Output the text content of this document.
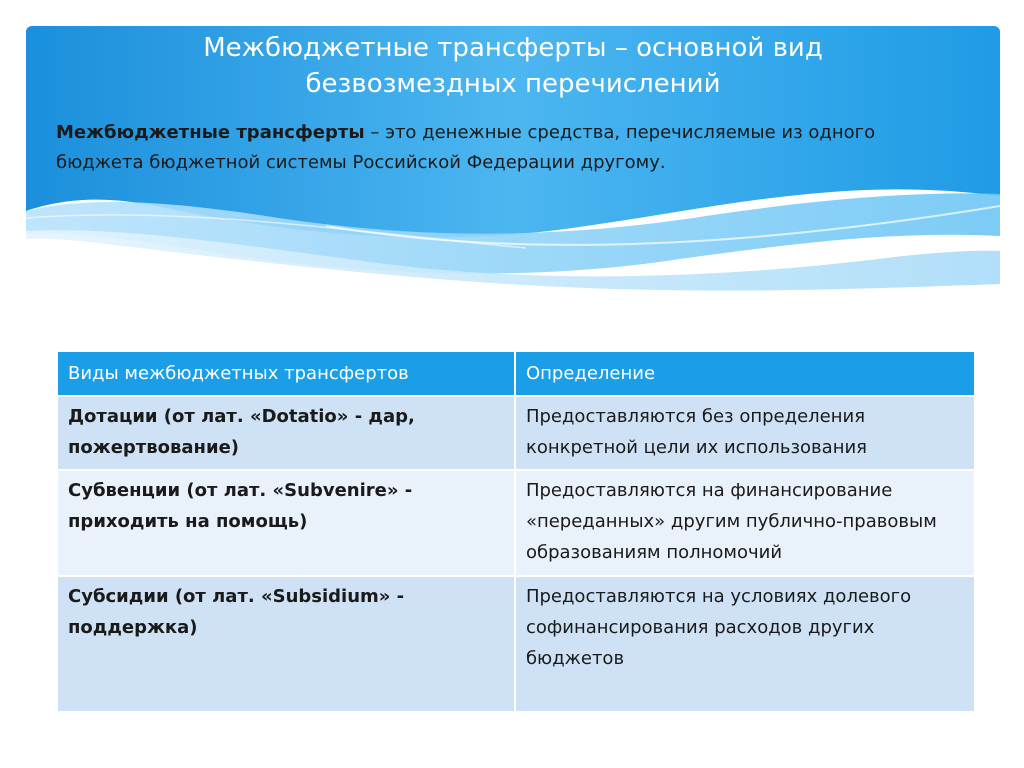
Межбюджетные трансферты – основной вид
безвозмездных перечислений

Межбюджетные трансферты – это денежные средства, перечисляемые из одного бюджета бюджетной системы Российской Федерации другому.

Виды межбюджетных трансфертов	Определение
Дотации (от лат. «Dotatio» - дар, пожертвование)	Предоставляются без определения конкретной цели их использования
Субвенции (от лат. «Subvenire» - приходить на помощь)	Предоставляются на финансирование «переданных» другим публично-правовым образованиям полномочий
Субсидии (от лат. «Subsidium» - поддержка)	Предоставляются на условиях долевого софинансирования расходов других бюджетов
